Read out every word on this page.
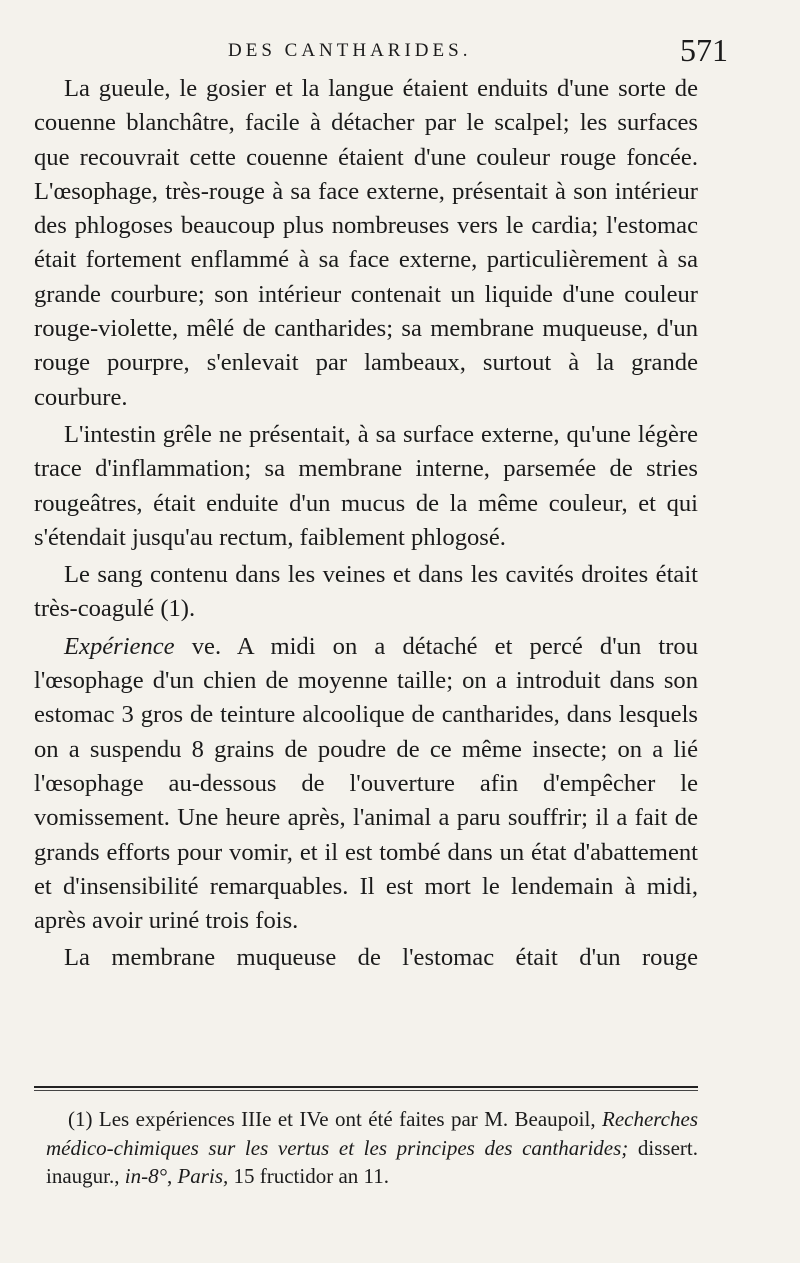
DES CANTHARIDES.	571

La gueule, le gosier et la langue étaient enduits d'une sorte de couenne blanchâtre, facile à détacher par le scalpel; les surfaces que recouvrait cette couenne étaient d'une couleur rouge foncée. L'œsophage, très-rouge à sa face externe, présentait à son intérieur des phlogoses beaucoup plus nombreuses vers le cardia; l'estomac était fortement enflammé à sa face externe, particulièrement à sa grande courbure; son intérieur contenait un liquide d'une couleur rouge-violette, mêlé de cantharides; sa membrane muqueuse, d'un rouge pourpre, s'enlevait par lambeaux, surtout à la grande courbure.

L'intestin grêle ne présentait, à sa surface externe, qu'une légère trace d'inflammation; sa membrane interne, parsemée de stries rougeâtres, était enduite d'un mucus de la même couleur, et qui s'étendait jusqu'au rectum, faiblement phlogosé.

Le sang contenu dans les veines et dans les cavités droites était très-coagulé (1).

Expérience ve. A midi on a détaché et percé d'un trou l'œsophage d'un chien de moyenne taille; on a introduit dans son estomac 3 gros de teinture alcoolique de cantharides, dans lesquels on a suspendu 8 grains de poudre de ce même insecte; on a lié l'œsophage au-dessous de l'ouverture afin d'empêcher le vomissement. Une heure après, l'animal a paru souffrir; il a fait de grands efforts pour vomir, et il est tombé dans un état d'abattement et d'insensibilité remarquables. Il est mort le lendemain à midi, après avoir uriné trois fois.

La membrane muqueuse de l'estomac était d'un rouge

(1) Les expériences IIIe et IVe ont été faites par M. Beaupoil, Recherches médico-chimiques sur les vertus et les principes des cantharides; dissert. inaugur., in-8°, Paris, 15 fructidor an 11.
